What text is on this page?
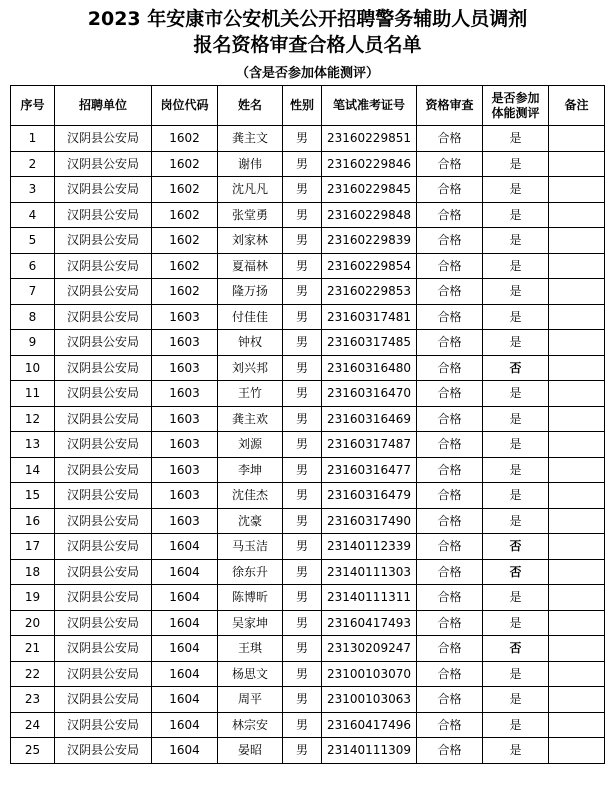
2023 年安康市公安机关公开招聘警务辅助人员调剂
报名资格审查合格人员名单
（含是否参加体能测评）
序号	招聘单位	岗位代码	姓名	性别	笔试准考证号	资格审查	是否参加体能测评	备注
1	汉阴县公安局	1602	龚主文	男	23160229851	合格	是	
2	汉阴县公安局	1602	谢伟	男	23160229846	合格	是	
3	汉阴县公安局	1602	沈凡凡	男	23160229845	合格	是	
4	汉阴县公安局	1602	张堂勇	男	23160229848	合格	是	
5	汉阴县公安局	1602	刘家林	男	23160229839	合格	是	
6	汉阴县公安局	1602	夏福林	男	23160229854	合格	是	
7	汉阴县公安局	1602	隆万扬	男	23160229853	合格	是	
8	汉阴县公安局	1603	付佳佳	男	23160317481	合格	是	
9	汉阴县公安局	1603	钟权	男	23160317485	合格	是	
10	汉阴县公安局	1603	刘兴邦	男	23160316480	合格	否	
11	汉阴县公安局	1603	王竹	男	23160316470	合格	是	
12	汉阴县公安局	1603	龚主欢	男	23160316469	合格	是	
13	汉阴县公安局	1603	刘源	男	23160317487	合格	是	
14	汉阴县公安局	1603	李坤	男	23160316477	合格	是	
15	汉阴县公安局	1603	沈佳杰	男	23160316479	合格	是	
16	汉阴县公安局	1603	沈豪	男	23160317490	合格	是	
17	汉阴县公安局	1604	马玉洁	男	23140112339	合格	否	
18	汉阴县公安局	1604	徐东升	男	23140111303	合格	否	
19	汉阴县公安局	1604	陈博昕	男	23140111311	合格	是	
20	汉阴县公安局	1604	吴家坤	男	23160417493	合格	是	
21	汉阴县公安局	1604	王琪	男	23130209247	合格	否	
22	汉阴县公安局	1604	杨思文	男	23100103070	合格	是	
23	汉阴县公安局	1604	周平	男	23100103063	合格	是	
24	汉阴县公安局	1604	林宗安	男	23160417496	合格	是	
25	汉阴县公安局	1604	晏昭	男	23140111309	合格	是	
